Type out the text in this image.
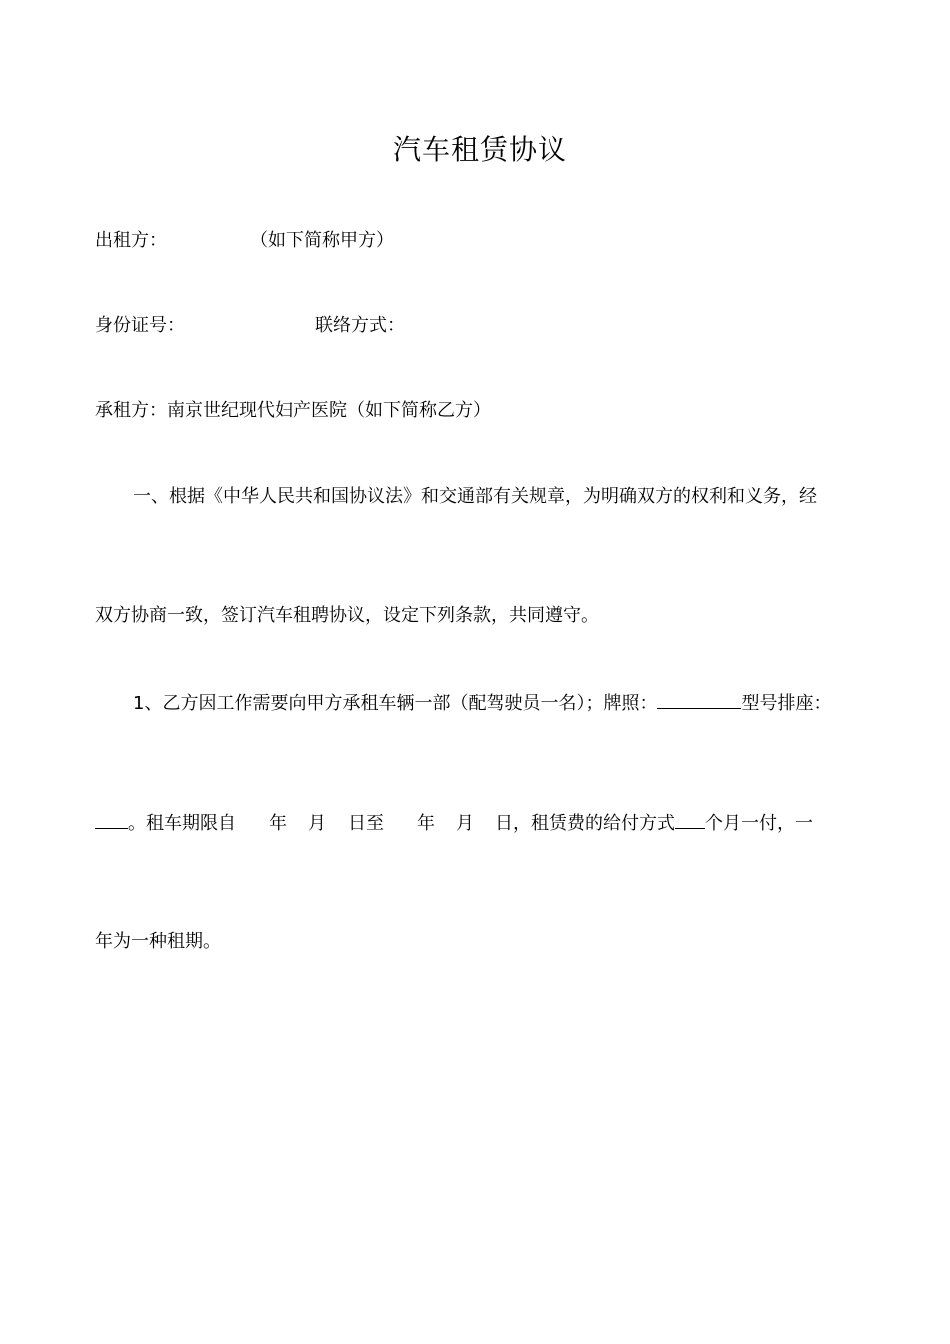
汽车租赁协议
出租方：	（如下简称甲方）
身份证号：	联络方式：
承租方：南京世纪现代妇产医院（如下简称乙方）
一、根据《中华人民共和国协议法》和交通部有关规章，为明确双方的权利和义务，经
双方协商一致，签订汽车租聘协议，设定下列条款，共同遵守。
1、乙方因工作需要向甲方承租车辆一部（配驾驶员一名）；牌照：	型号排座：
。租车期限自 年 月 日至 年 月 日，租赁费的给付方式 个月一付，一
年为一种租期。
